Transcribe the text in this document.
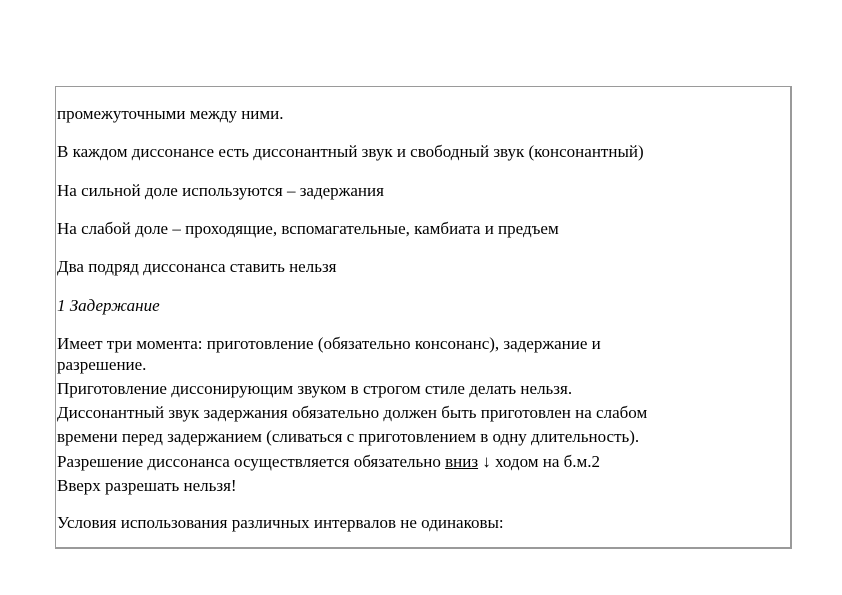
промежуточными между ними.
В каждом диссонансе есть диссонантный звук и свободный звук (консонантный)
На сильной доле используются – задержания
На слабой доле – проходящие, вспомагательные, камбиата и предъем
Два подряд диссонанса ставить нельзя
1 Задержание
Имеет три момента: приготовление (обязательно консонанс), задержание и
разрешение.
Приготовление диссонирующим звуком в строгом стиле делать нельзя.
Диссонантный звук задержания обязательно должен быть приготовлен на слабом
времени перед задержанием (сливаться с приготовлением в одну длительность).
Разрешение диссонанса осуществляется обязательно вниз ↓ ходом на б.м.2
Вверх разрешать нельзя!
Условия использования различных интервалов не одинаковы:
